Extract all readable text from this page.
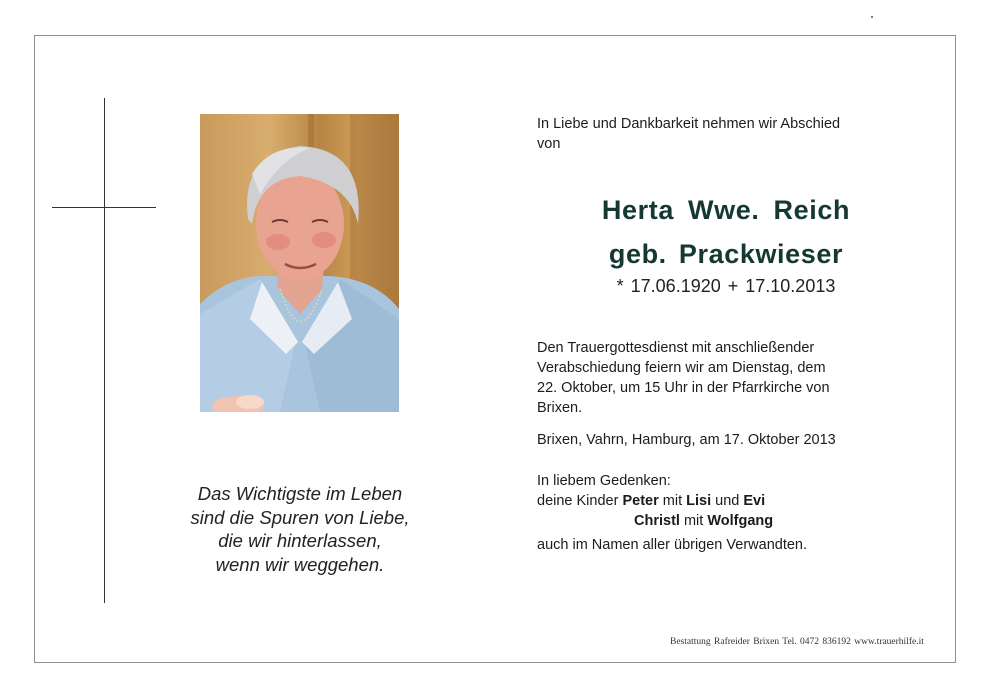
Das Wichtigste im Leben
sind die Spuren von Liebe,
die wir hinterlassen,
wenn wir weggehen.
In Liebe und Dankbarkeit nehmen wir Abschied
von
Herta Wwe. Reich
geb. Prackwieser
* 17.06.1920 + 17.10.2013
Den Trauergottesdienst mit anschließender
Verabschiedung feiern wir am Dienstag, dem
22. Oktober, um 15 Uhr in der Pfarrkirche von
Brixen.
Brixen, Vahrn, Hamburg, am 17. Oktober 2013
In liebem Gedenken:
deine Kinder Peter mit Lisi und Evi
Christl mit Wolfgang
auch im Namen aller übrigen Verwandten.
Bestattung Rafreider Brixen Tel. 0472 836192 www.trauerhilfe.it
